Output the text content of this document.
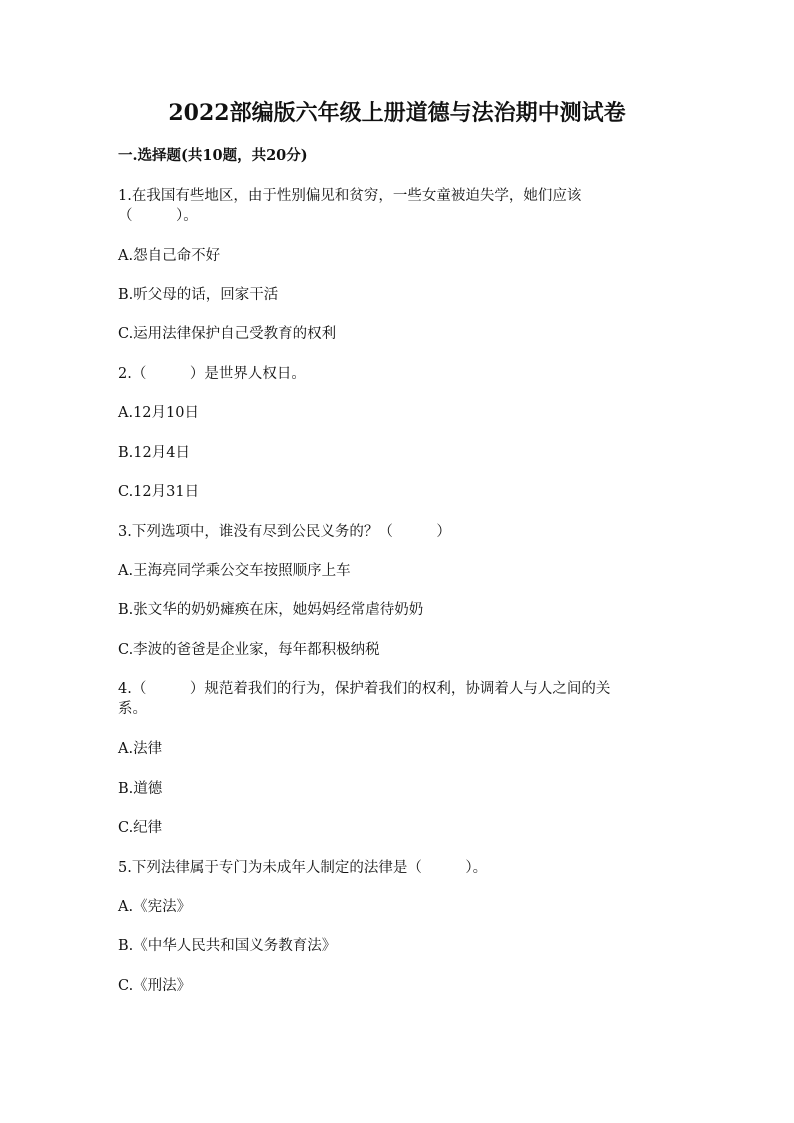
2022部编版六年级上册道德与法治期中测试卷
一.选择题(共10题，共20分)
1.在我国有些地区，由于性别偏见和贫穷，一些女童被迫失学，她们应该
（　　　）。
A.怨自己命不好
B.听父母的话，回家干活
C.运用法律保护自己受教育的权利
2.（　　　）是世界人权日。
A.12月10日
B.12月4日
C.12月31日
3.下列选项中，谁没有尽到公民义务的？（　　　）
A.王海亮同学乘公交车按照顺序上车
B.张文华的奶奶瘫痪在床，她妈妈经常虐待奶奶
C.李波的爸爸是企业家，每年都积极纳税
4.（　　　）规范着我们的行为，保护着我们的权利，协调着人与人之间的关
系。
A.法律
B.道德
C.纪律
5.下列法律属于专门为未成年人制定的法律是（　　　）。
A.《宪法》
B.《中华人民共和国义务教育法》
C.《刑法》
